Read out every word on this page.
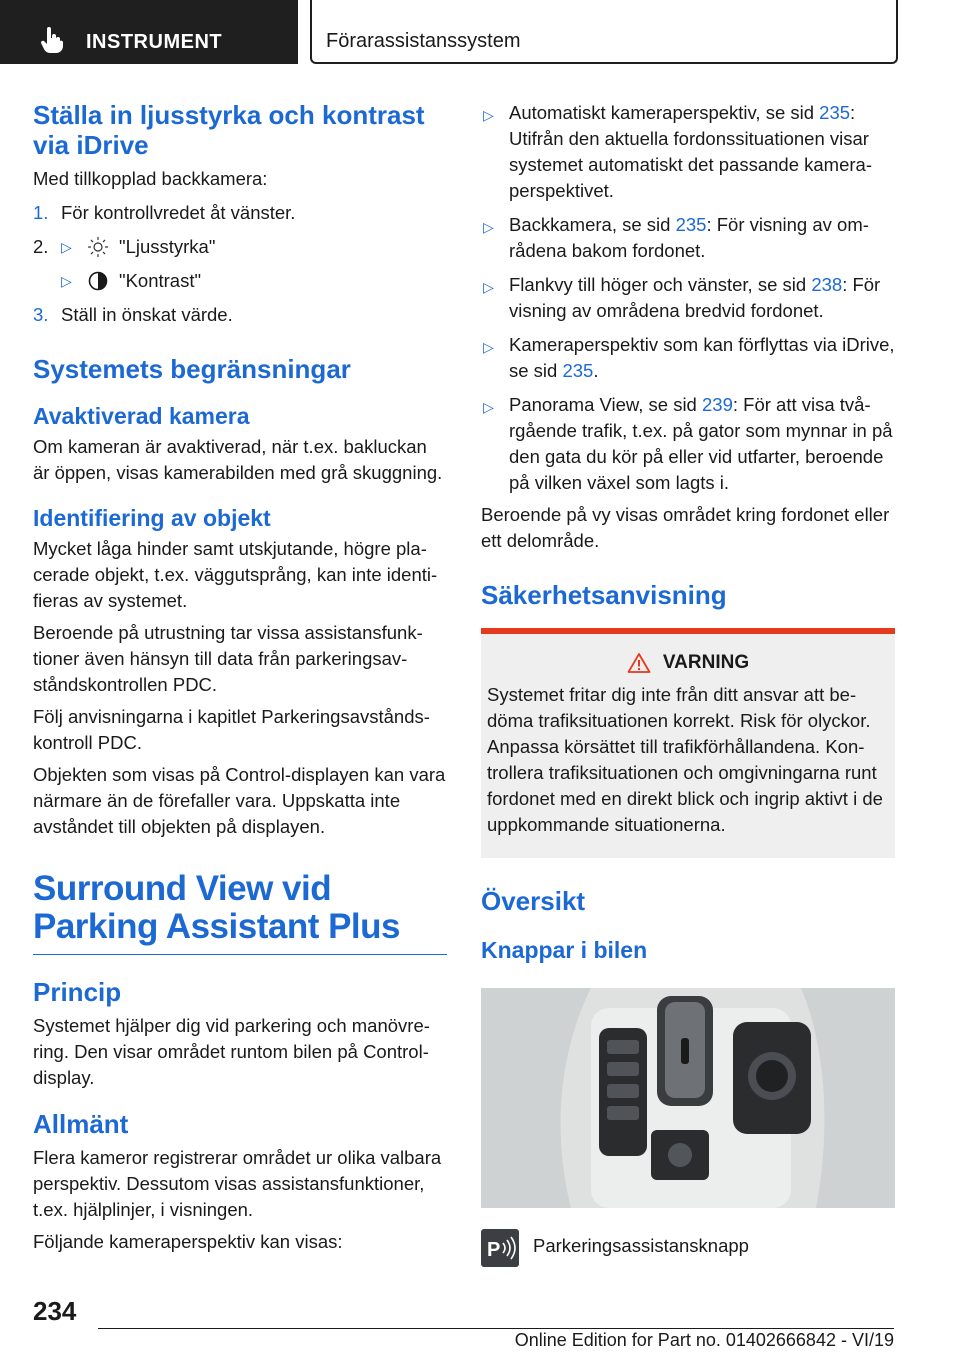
INSTRUMENT	Förarassistanssystem
Ställa in ljusstyrka och kontrast via iDrive

Med tillkopplad backkamera:

1. För kontrollvredet åt vänster.
2. ▷	"Ljusstyrka"
▷	"Kontrast"
3. Ställ in önskat värde.
Systemets begränsningar
Avaktiverad kamera

Om kameran är avaktiverad, när t.ex. bakluckan är öppen, visas kamerabilden med grå skuggning.

Identifiering av objekt

Mycket låga hinder samt utskjutande, högre placerade objekt, t.ex. väggutsprång, kan inte identifieras av systemet.

Beroende på utrustning tar vissa assistansfunktioner även hänsyn till data från parkeringsavståndskontrollen PDC.

Följ anvisningarna i kapitlet Parkeringsavståndskontroll PDC.

Objekten som visas på Control-displayen kan vara närmare än de förefaller vara. Uppskatta inte avståndet till objekten på displayen.

Surround View vid Parking Assistant Plus
Princip

Systemet hjälper dig vid parkering och manövrering. Den visar området runtom bilen på Control-display.

Allmänt

Flera kameror registrerar området ur olika valbara perspektiv. Dessutom visas assistansfunktioner, t.ex. hjälplinjer, i visningen.

Följande kameraperspektiv kan visas:

▷ Automatiskt kameraperspektiv, se sid 235: Utifrån den aktuella fordonssituationen visar systemet automatiskt det passande kameraperspektivet.
▷ Backkamera, se sid 235: För visning av områdena bakom fordonet.
▷ Flankvy till höger och vänster, se sid 238: För visning av områdena bredvid fordonet.
▷ Kameraperspektiv som kan förflyttas via iDrive, se sid 235.
▷ Panorama View, se sid 239: För att visa tvårgående trafik, t.ex. på gator som mynnar in på den gata du kör på eller vid utfarter, beroende på vilken växel som lagts i.

Beroende på vy visas området kring fordonet eller ett delområde.

Säkerhetsanvisning
VARNING

Systemet fritar dig inte från ditt ansvar att bedöma trafiksituationen korrekt. Risk för olyckor. Anpassa körsättet till trafikförhållandena. Kontrollera trafiksituationen och omgivningarna runt fordonet med en direkt blick och ingrip aktivt i de uppkommande situationerna.

Översikt
Knappar i bilen
P Parkeringsassistansknapp
234
Online Edition for Part no. 01402666842 - VI/19
